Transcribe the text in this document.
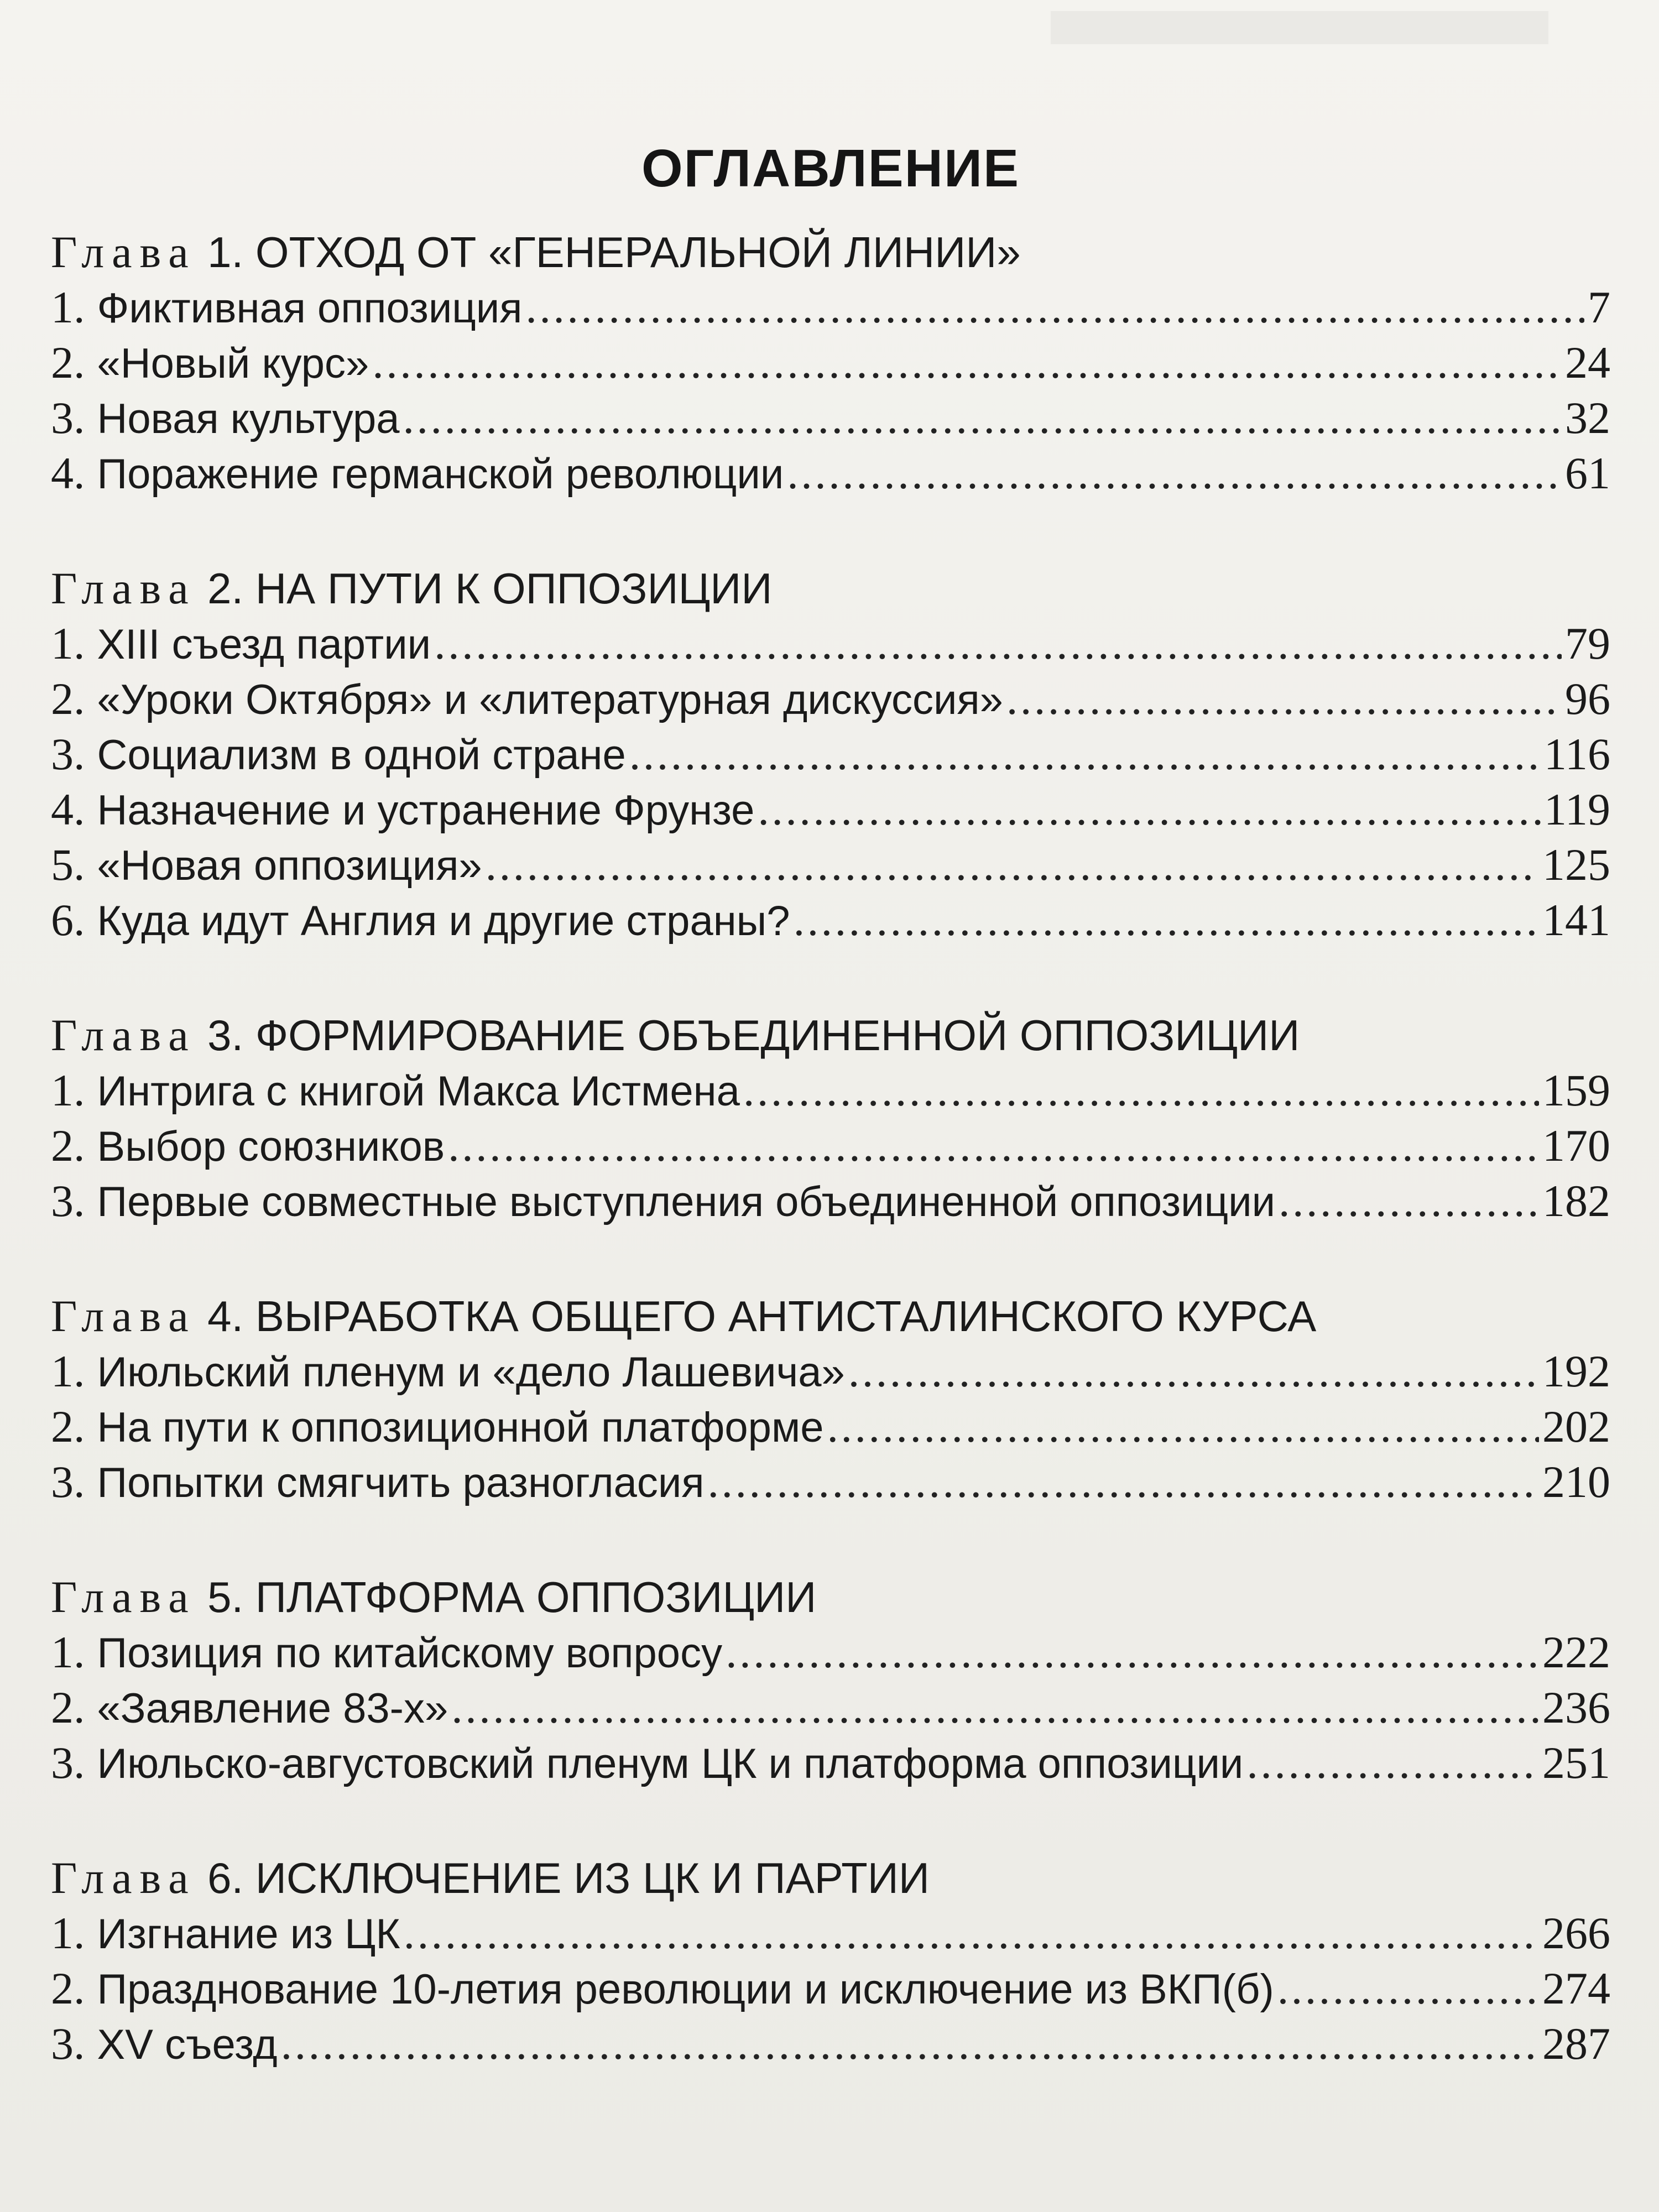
ОГЛАВЛЕНИЕ
Глава 1. ОТХОД ОТ «ГЕНЕРАЛЬНОЙ ЛИНИИ»
1. Фиктивная оппозиция . . .	7
2. «Новый курс» . . .	24
3. Новая культура . . .	32
4. Поражение германской революции . . .	61
Глава 2. НА ПУТИ К ОППОЗИЦИИ
1. XIII съезд партии . . .	79
2. «Уроки Октября» и «литературная дискуссия» . . .	96
3. Социализм в одной стране . . .	116
4. Назначение и устранение Фрунзе . . .	119
5. «Новая оппозиция» . . .	125
6. Куда идут Англия и другие страны? . . .	141
Глава 3. ФОРМИРОВАНИЕ ОБЪЕДИНЕННОЙ ОППОЗИЦИИ
1. Интрига с книгой Макса Истмена . . .	159
2. Выбор союзников . . .	170
3. Первые совместные выступления объединенной оппозиции . . .	182
Глава 4. ВЫРАБОТКА ОБЩЕГО АНТИСТАЛИНСКОГО КУРСА
1. Июльский пленум и «дело Лашевича» . . .	192
2. На пути к оппозиционной платформе . . .	202
3. Попытки смягчить разногласия . . .	210
Глава 5. ПЛАТФОРМА ОППОЗИЦИИ
1. Позиция по китайскому вопросу . . .	222
2. «Заявление 83-х» . . .	236
3. Июльско-августовский пленум ЦК и платформа оппозиции . . .	251
Глава 6. ИСКЛЮЧЕНИЕ ИЗ ЦК И ПАРТИИ
1. Изгнание из ЦК . . .	266
2. Празднование 10-летия революции и исключение из ВКП(б) . . .	274
3. XV съезд . . .	287
